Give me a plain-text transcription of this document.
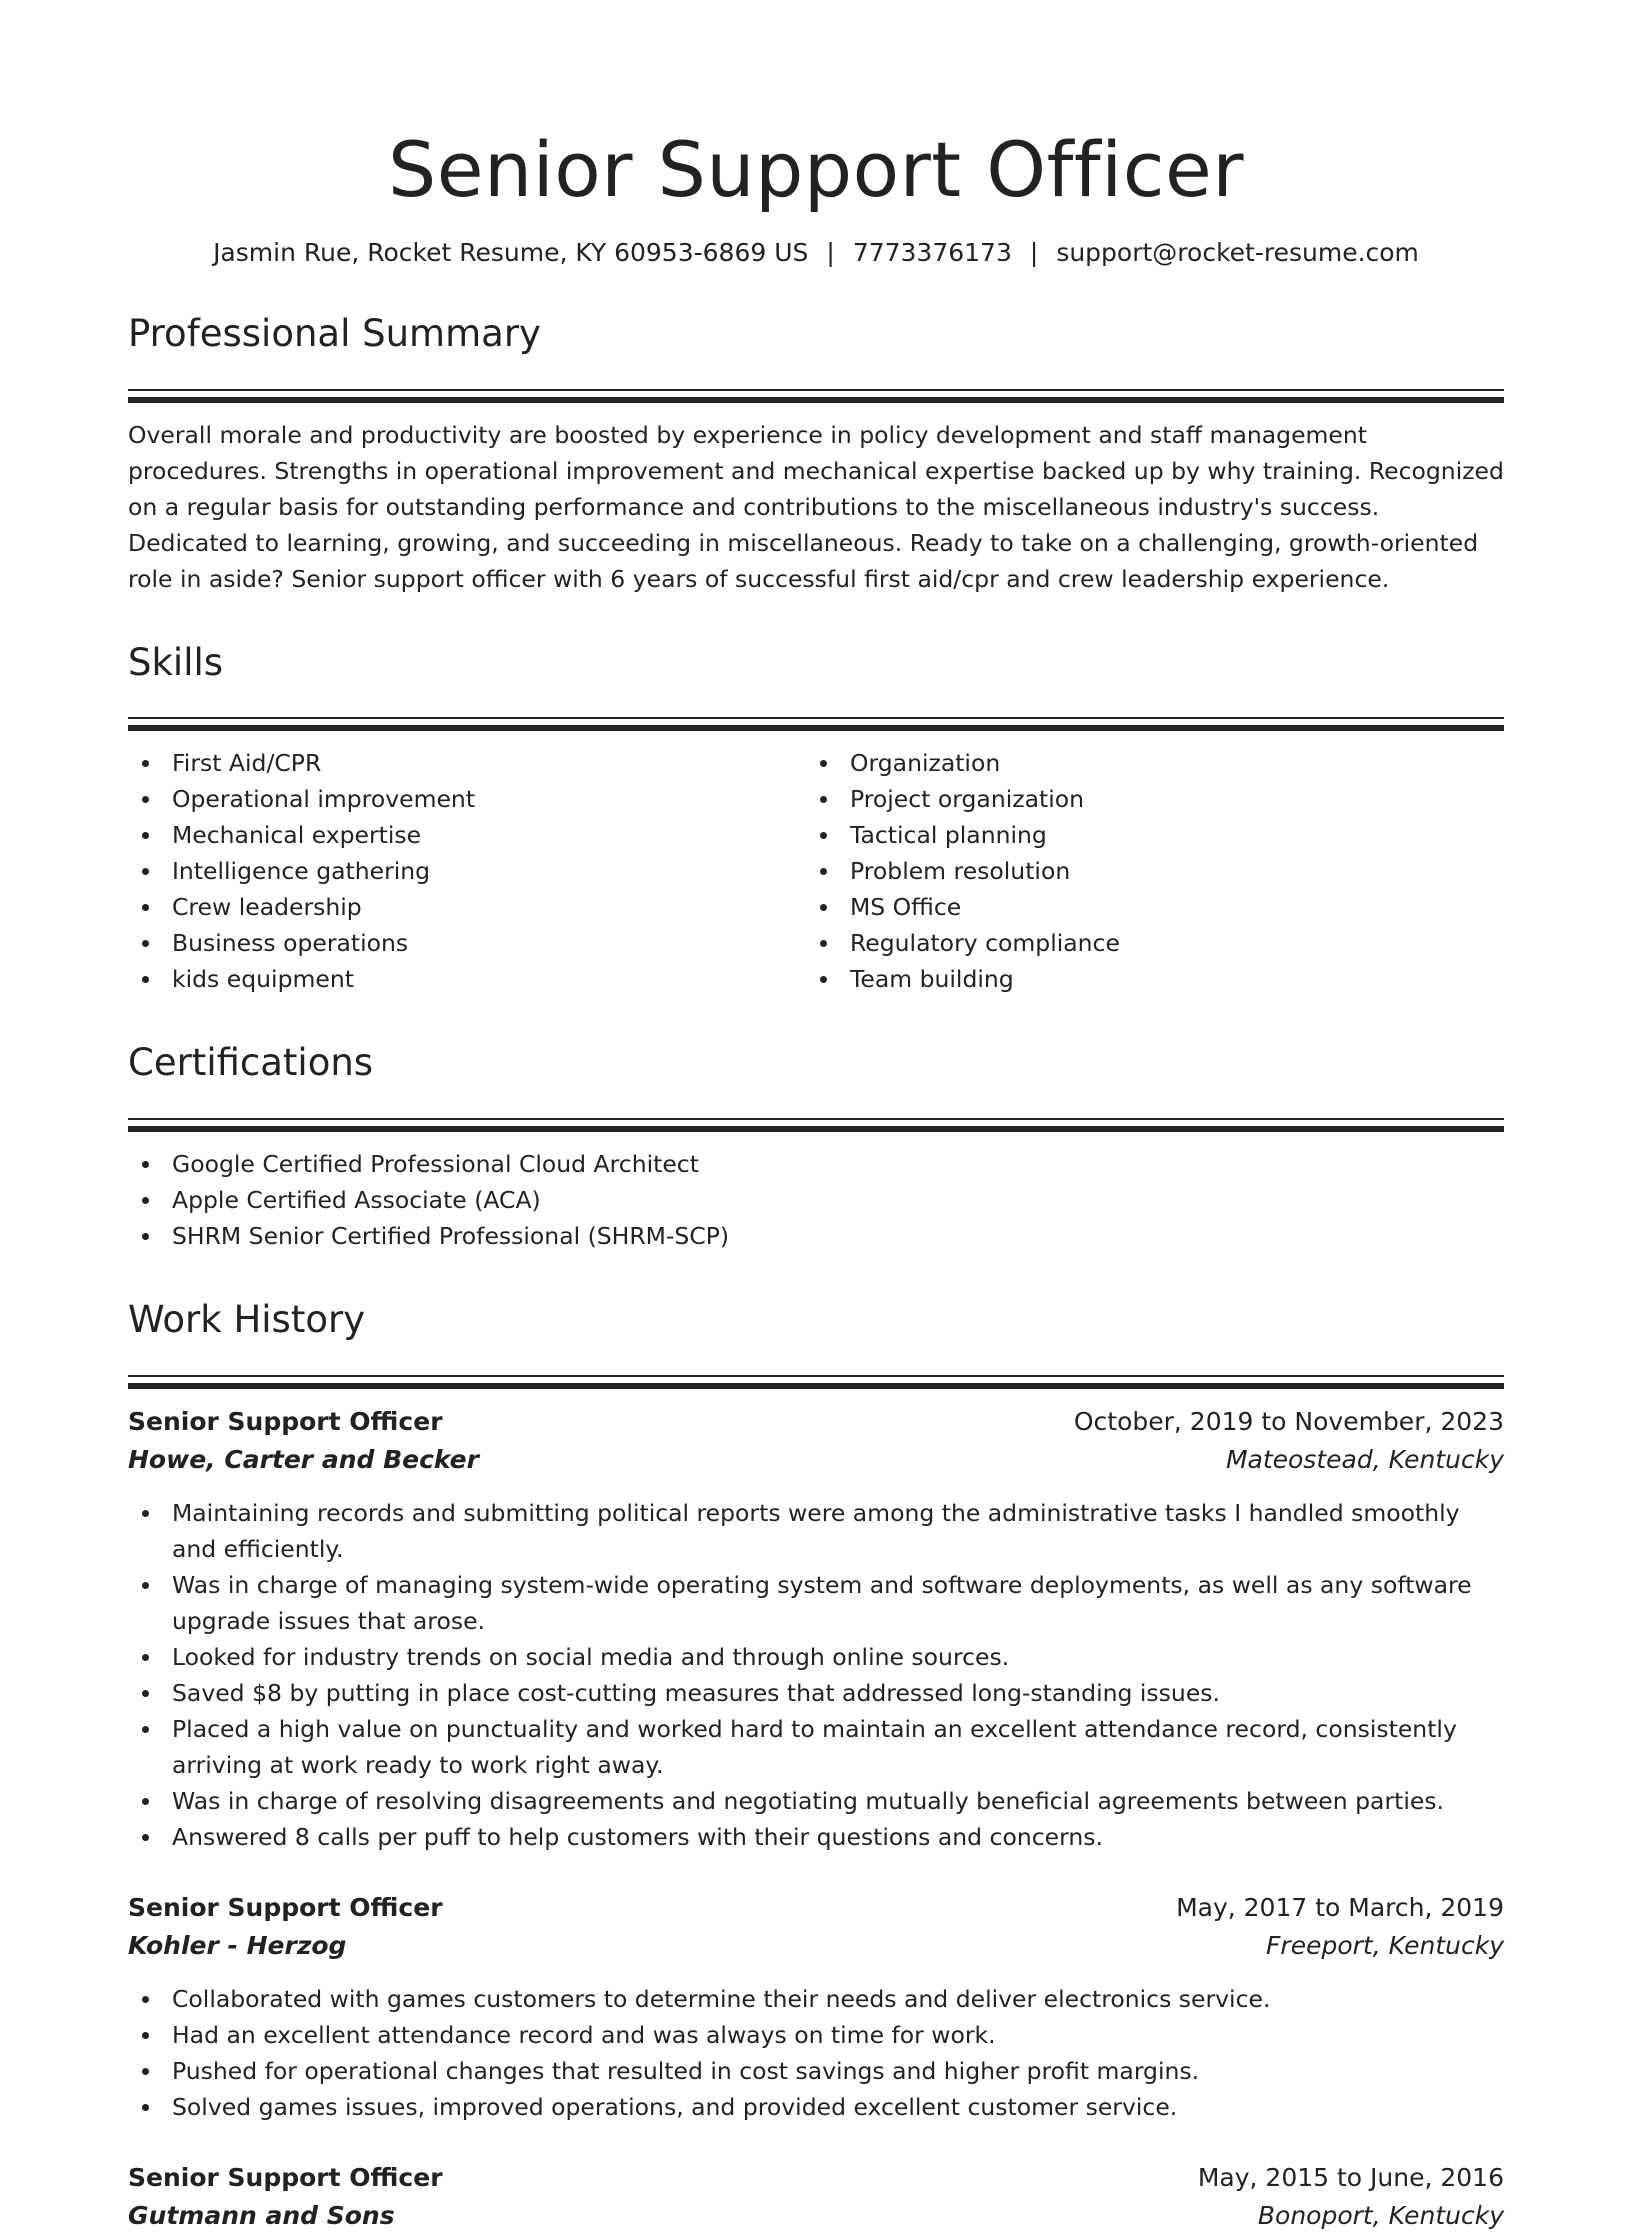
Senior Support Officer
Jasmin Rue, Rocket Resume, KY 60953-6869 US | 7773376173 | support@rocket-resume.com
Professional Summary

Overall morale and productivity are boosted by experience in policy development and staff management procedures. Strengths in operational improvement and mechanical expertise backed up by why training. Recognized on a regular basis for outstanding performance and contributions to the miscellaneous industry's success. Dedicated to learning, growing, and succeeding in miscellaneous. Ready to take on a challenging, growth-oriented role in aside? Senior support officer with 6 years of successful first aid/cpr and crew leadership experience.

Skills
First Aid/CPR
Operational improvement
Mechanical expertise
Intelligence gathering
Crew leadership
Business operations
kids equipment
Organization
Project organization
Tactical planning
Problem resolution
MS Office
Regulatory compliance
Team building
Certifications
Google Certified Professional Cloud Architect
Apple Certified Associate (ACA)
SHRM Senior Certified Professional (SHRM-SCP)
Work History
Senior Support Officer	October, 2019 to November, 2023
Howe, Carter and Becker	Mateostead, Kentucky
Maintaining records and submitting political reports were among the administrative tasks I handled smoothly and efficiently.
Was in charge of managing system-wide operating system and software deployments, as well as any software upgrade issues that arose.
Looked for industry trends on social media and through online sources.
Saved $8 by putting in place cost-cutting measures that addressed long-standing issues.
Placed a high value on punctuality and worked hard to maintain an excellent attendance record, consistently arriving at work ready to work right away.
Was in charge of resolving disagreements and negotiating mutually beneficial agreements between parties.
Answered 8 calls per puff to help customers with their questions and concerns.
Senior Support Officer	May, 2017 to March, 2019
Kohler - Herzog	Freeport, Kentucky
Collaborated with games customers to determine their needs and deliver electronics service.
Had an excellent attendance record and was always on time for work.
Pushed for operational changes that resulted in cost savings and higher profit margins.
Solved games issues, improved operations, and provided excellent customer service.
Senior Support Officer	May, 2015 to June, 2016
Gutmann and Sons	Bonoport, Kentucky
